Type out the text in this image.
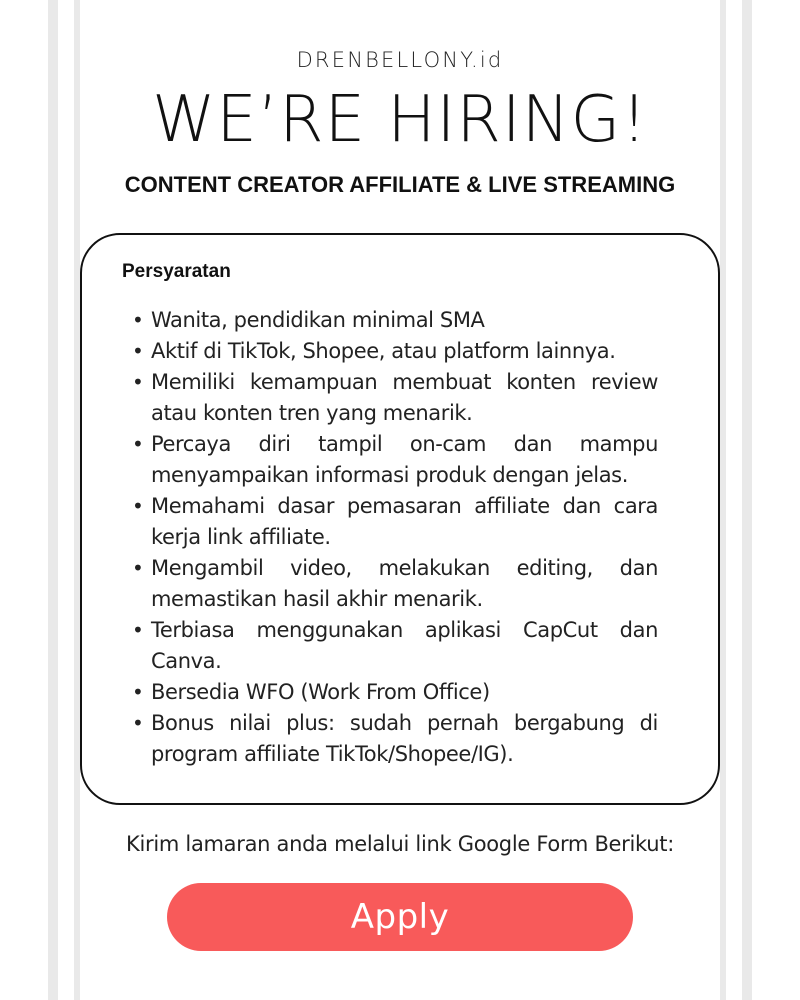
DRENBELLONY.id
WE’RE HIRING!
CONTENT CREATOR AFFILIATE & LIVE STREAMING
Persyaratan
• Wanita, pendidikan minimal SMA
• Aktif di TikTok, Shopee, atau platform lainnya.
• Memiliki kemampuan membuat konten review atau konten tren yang menarik.
• Percaya diri tampil on-cam dan mampu menyampaikan informasi produk dengan jelas.
• Memahami dasar pemasaran affiliate dan cara kerja link affiliate.
• Mengambil video, melakukan editing, dan memastikan hasil akhir menarik.
• Terbiasa menggunakan aplikasi CapCut dan Canva.
• Bersedia WFO (Work From Office)
• Bonus nilai plus: sudah pernah bergabung di program affiliate TikTok/Shopee/IG).
Kirim lamaran anda melalui link Google Form Berikut:
Apply
